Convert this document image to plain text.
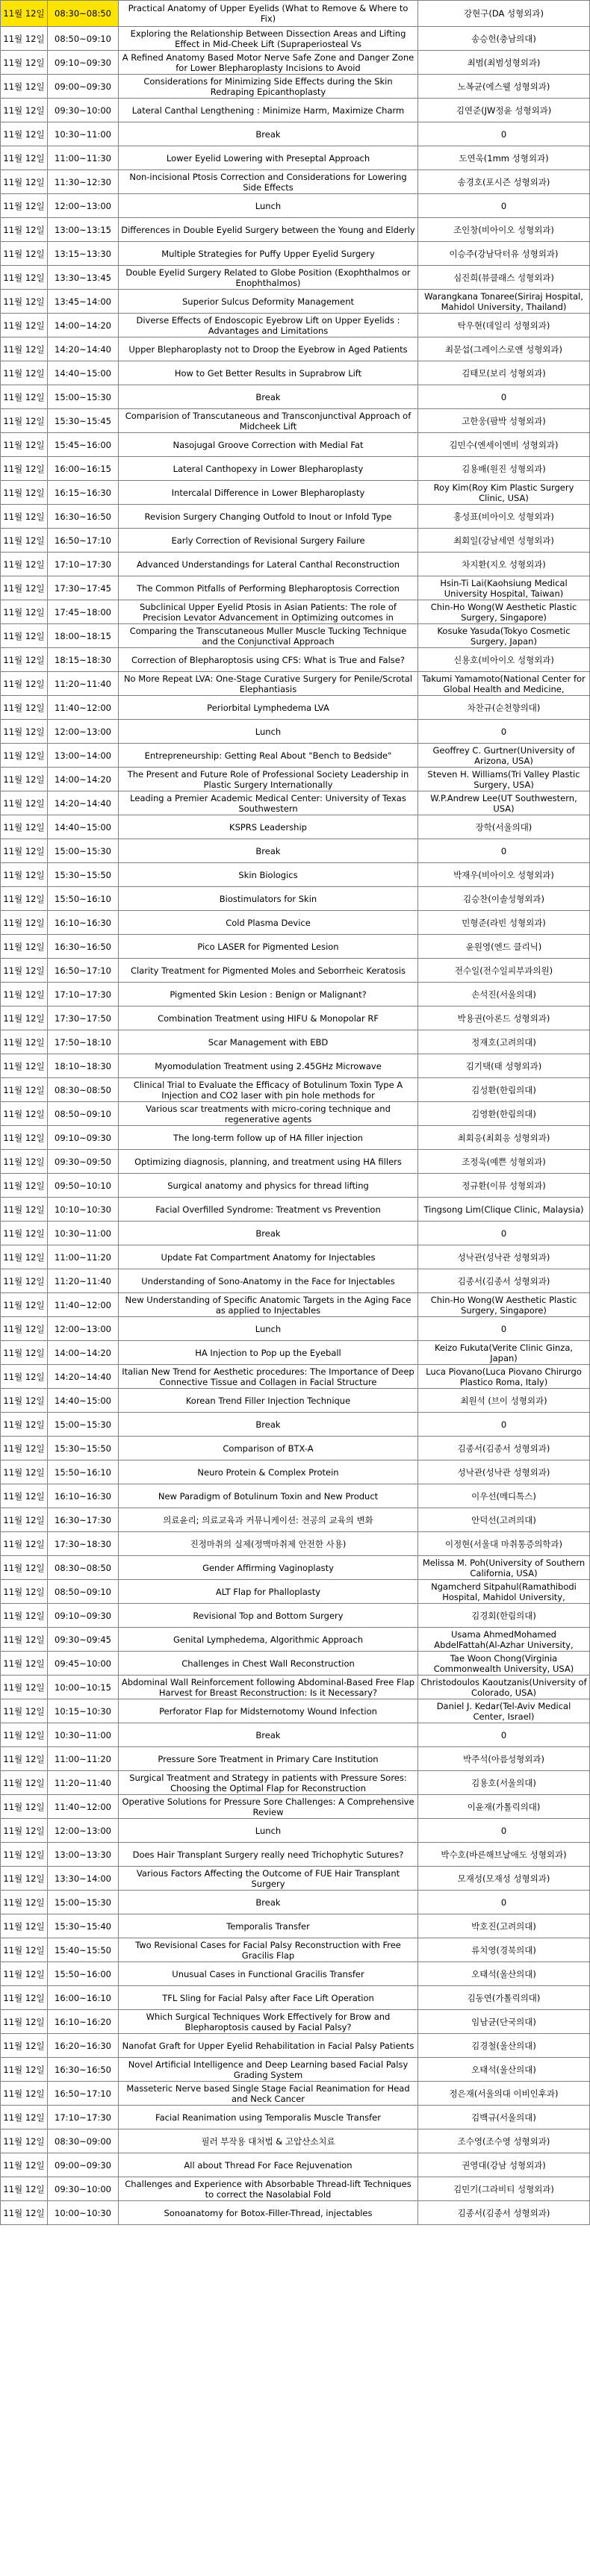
11월 12일	08:30~08:50	Practical Anatomy of Upper Eyelids (What to Remove & Where to Fix)	강현구(DA 성형외과)
11월 12일	08:50~09:10	Exploring the Relationship Between Dissection Areas and Lifting Effect in Mid-Cheek Lift (Supraperiosteal Vs	송승헌(충남의대)
11월 12일	09:10~09:30	A Refined Anatomy Based Motor Nerve Safe Zone and Danger Zone for Lower Blepharoplasty Incisions to Avoid	최범(최범성형외과)
11월 12일	09:00~09:30	Considerations for Minimizing Side Effects during the Skin Redraping Epicanthoplasty	노복균(에스웰 성형외과)
11월 12일	09:30~10:00	Lateral Canthal Lengthening : Minimize Harm, Maximize Charm	김연준(JW정윤 성형외과)
11월 12일	10:30~11:00	Break	0
11월 12일	11:00~11:30	Lower Eyelid Lowering with Preseptal Approach	도연욱(1mm 성형외과)
11월 12일	11:30~12:30	Non-incisional Ptosis Correction and Considerations for Lowering Side Effects	송경호(포시즌 성형외과)
11월 12일	12:00~13:00	Lunch	0
11월 12일	13:00~13:15	Differences in Double Eyelid Surgery between the Young and Elderly	조인창(비아이오 성형외과)
11월 12일	13:15~13:30	Multiple Strategies for Puffy Upper Eyelid Surgery	이승주(강남닥터유 성형외과)
11월 12일	13:30~13:45	Double Eyelid Surgery Related to Globe Position (Exophthalmos or Enophthalmos)	심진희(뷰클래스 성형외과)
11월 12일	13:45~14:00	Superior Sulcus Deformity Management	Warangkana Tonaree(Siriraj Hospital, Mahidol University, Thailand)
11월 12일	14:00~14:20	Diverse Effects of Endoscopic Eyebrow Lift on Upper Eyelids : Advantages and Limitations	탁우현(데일리 성형외과)
11월 12일	14:20~14:40	Upper Blepharoplasty not to Droop the Eyebrow in Aged Patients	최문섭(그레이스로앤 성형외과)
11월 12일	14:40~15:00	How to Get Better Results in Suprabrow Lift	김태모(보리 성형외과)
11월 12일	15:00~15:30	Break	0
11월 12일	15:30~15:45	Comparision of Transcutaneous and Transconjunctival Approach of Midcheek Lift	고한웅(팜박 성형외과)
11월 12일	15:45~16:00	Nasojugal Groove Correction with Medial Fat	김민수(엔세이엔비 성형외과)
11월 12일	16:00~16:15	Lateral Canthopexy in Lower Blepharoplasty	김용배(원진 성형외과)
11월 12일	16:15~16:30	Intercalal Difference in Lower Blepharoplasty	Roy Kim(Roy Kim Plastic Surgery Clinic, USA)
11월 12일	16:30~16:50	Revision Surgery Changing Outfold to Inout or Infold Type	홍성표(비아이오 성형외과)
11월 12일	16:50~17:10	Early Correction of Revisional Surgery Failure	최회일(강남세연 성형외과)
11월 12일	17:10~17:30	Advanced Understandings for Lateral Canthal Reconstruction	차지환(지오 성형외과)
11월 12일	17:30~17:45	The Common Pitfalls of Performing Blepharoptosis Correction	Hsin-Ti Lai(Kaohsiung Medical University Hospital, Taiwan)
11월 12일	17:45~18:00	Subclinical Upper Eyelid Ptosis in Asian Patients: The role of Precision Levator Advancement in Optimizing outcomes in	Chin-Ho Wong(W Aesthetic Plastic Surgery, Singapore)
11월 12일	18:00~18:15	Comparing the Transcutaneous Muller Muscle Tucking Technique and the Conjunctival Approach	Kosuke Yasuda(Tokyo Cosmetic Surgery, Japan)
11월 12일	18:15~18:30	Correction of Blepharoptosis using CFS: What is True and False?	신용호(비아이오 성형외과)
11월 12일	11:20~11:40	No More Repeat LVA: One-Stage Curative Surgery for Penile/Scrotal Elephantiasis	Takumi Yamamoto(National Center for Global Health and Medicine,
11월 12일	11:40~12:00	Periorbital Lymphedema LVA	차찬규(순천향의대)
11월 12일	12:00~13:00	Lunch	0
11월 12일	13:00~14:00	Entrepreneurship: Getting Real About "Bench to Bedside"	Geoffrey C. Gurtner(University of Arizona, USA)
11월 12일	14:00~14:20	The Present and Future Role of Professional Society Leadership in Plastic Surgery Internationally	Steven H. Williams(Tri Valley Plastic Surgery, USA)
11월 12일	14:20~14:40	Leading a Premier Academic Medical Center: University of Texas Southwestern	W.P.Andrew Lee(UT Southwestern, USA)
11월 12일	14:40~15:00	KSPRS Leadership	장학(서울의대)
11월 12일	15:00~15:30	Break	0
11월 12일	15:30~15:50	Skin Biologics	박재우(비아이오 성형외과)
11월 12일	15:50~16:10	Biostimulators for Skin	김승찬(이솔성형외과)
11월 12일	16:10~16:30	Cold Plasma Device	민형준(라빈 성형외과)
11월 12일	16:30~16:50	Pico LASER for Pigmented Lesion	윤원영(엔드 클리닉)
11월 12일	16:50~17:10	Clarity Treatment for Pigmented Moles and Seborrheic Keratosis	전수일(전수일피부과의원)
11월 12일	17:10~17:30	Pigmented Skin Lesion : Benign or Malignant?	손석진(서울의대)
11월 12일	17:30~17:50	Combination Treatment using HIFU & Monopolar RF	박용권(아론드 성형외과)
11월 12일	17:50~18:10	Scar Management with EBD	정재호(고려의대)
11월 12일	18:10~18:30	Myomodulation Treatment using 2.45GHz Microwave	김기택(태 성형외과)
11월 12일	08:30~08:50	Clinical Trial to Evaluate the Efficacy of Botulinum Toxin Type A Injection and CO2 laser with pin hole methods for	김성환(한림의대)
11월 12일	08:50~09:10	Various scar treatments with micro-coring technique and regenerative agents	김영환(한림의대)
11월 12일	09:10~09:30	The long-term follow up of HA filler injection	최회응(최회응 성형외과)
11월 12일	09:30~09:50	Optimizing diagnosis, planning, and treatment using HA fillers	조정욱(예쁜 성형외과)
11월 12일	09:50~10:10	Surgical anatomy and physics for thread lifting	정규환(이뮤 성형외과)
11월 12일	10:10~10:30	Facial Overfilled Syndrome: Treatment vs Prevention	Tingsong Lim(Clique Clinic, Malaysia)
11월 12일	10:30~11:00	Break	0
11월 12일	11:00~11:20	Update Fat Compartment Anatomy for Injectables	성낙관(성낙관 성형외과)
11월 12일	11:20~11:40	Understanding of Sono-Anatomy in the Face for Injectables	김종서(김종서 성형외과)
11월 12일	11:40~12:00	New Understanding of Specific Anatomic Targets in the Aging Face as applied to Injectables	Chin-Ho Wong(W Aesthetic Plastic Surgery, Singapore)
11월 12일	12:00~13:00	Lunch	0
11월 12일	14:00~14:20	HA Injection to Pop up the Eyeball	Keizo Fukuta(Verite Clinic Ginza, Japan)
11월 12일	14:20~14:40	Italian New Trend for Aesthetic procedures: The Importance of Deep Connective Tissue and Collagen in Facial Structure	Luca Piovano(Luca Piovano Chirurgo Plastico Roma, Italy)
11월 12일	14:40~15:00	Korean Trend Filler Injection Technique	최원석 (브이 성형외과)
11월 12일	15:00~15:30	Break	0
11월 12일	15:30~15:50	Comparison of BTX-A	김종서(김종서 성형외과)
11월 12일	15:50~16:10	Neuro Protein & Complex Protein	성낙관(성낙관 성형외과)
11월 12일	16:10~16:30	New Paradigm of Botulinum Toxin and New Product	이우선(메디톡스)
11월 12일	16:30~17:30	의료윤리; 의료교육과 커뮤니케이션: 전공의 교육의 변화	안덕선(고려의대)
11월 12일	17:30~18:30	진정마취의 실제(정맥마취제 안전한 사용)	이정현(서울대 마취통증의학과)
11월 12일	08:30~08:50	Gender Affirming Vaginoplasty	Melissa M. Poh(University of Southern California, USA)
11월 12일	08:50~09:10	ALT Flap for Phalloplasty	Ngamcherd Sitpahul(Ramathibodi Hospital, Mahidol University,
11월 12일	09:10~09:30	Revisional Top and Bottom Surgery	김경회(한림의대)
11월 12일	09:30~09:45	Genital Lymphedema, Algorithmic Approach	Usama AhmedMohamed AbdelFattah(Al-Azhar University,
11월 12일	09:45~10:00	Challenges in Chest Wall Reconstruction	Tae Woon Chong(Virginia Commonwealth University, USA)
11월 12일	10:00~10:15	Abdominal Wall Reinforcement following Abdominal-Based Free Flap Harvest for Breast Reconstruction: Is it Necessary?	Christodoulos Kaoutzanis(University of Colorado, USA)
11월 12일	10:15~10:30	Perforator Flap for Midsternotomy Wound Infection	Daniel J. Kedar(Tel-Aviv Medical Center, Israel)
11월 12일	10:30~11:00	Break	0
11월 12일	11:00~11:20	Pressure Sore Treatment in Primary Care Institution	박주석(아름성형외과)
11월 12일	11:20~11:40	Surgical Treatment and Strategy in patients with Pressure Sores: Choosing the Optimal Flap for Reconstruction	김용호(서울의대)
11월 12일	11:40~12:00	Operative Solutions for Pressure Sore Challenges: A Comprehensive Review	이윤재(가톨릭의대)
11월 12일	12:00~13:00	Lunch	0
11월 12일	13:00~13:30	Does Hair Transplant Surgery really need Trichophytic Sutures?	박수호(바른해브날애도 성형외과)
11월 12일	13:30~14:00	Various Factors Affecting the Outcome of FUE Hair Transplant Surgery	모재성(모재성 성형외과)
11월 12일	15:00~15:30	Break	0
11월 12일	15:30~15:40	Temporalis Transfer	박호진(고려의대)
11월 12일	15:40~15:50	Two Revisional Cases for Facial Palsy Reconstruction with Free Gracilis Flap	류치영(경북의대)
11월 12일	15:50~16:00	Unusual Cases in Functional Gracilis Transfer	오태석(울산의대)
11월 12일	16:00~16:10	TFL Sling for Facial Palsy after Face Lift Operation	김동연(가톨릭의대)
11월 12일	16:10~16:20	Which Surgical Techniques Work Effectively for Brow and Blepharoptosis caused by Facial Palsy?	임남균(단국의대)
11월 12일	16:20~16:30	Nanofat Graft for Upper Eyelid Rehabilitation in Facial Palsy Patients	김경철(울산의대)
11월 12일	16:30~16:50	Novel Artificial Intelligence and Deep Learning based Facial Palsy Grading System	오태석(울산의대)
11월 12일	16:50~17:10	Masseteric Nerve based Single Stage Facial Reanimation for Head and Neck Cancer	정은재(서울의대 이비인후과)
11월 12일	17:10~17:30	Facial Reanimation using Temporalis Muscle Transfer	김백규(서울의대)
11월 12일	08:30~09:00	필러 부작용 대처법 & 고압산소치료	조수영(조수영 성형외과)
11월 12일	09:00~09:30	All about Thread For Face Rejuvenation	권영대(강남 성형외과)
11월 12일	09:30~10:00	Challenges and Experience with Absorbable Thread-lift Techniques to correct the Nasolabial Fold	김민기(그라비티 성형외과)
11월 12일	10:00~10:30	Sonoanatomy for Botox-Filler-Thread, injectables	김종서(김종서 성형외과)
